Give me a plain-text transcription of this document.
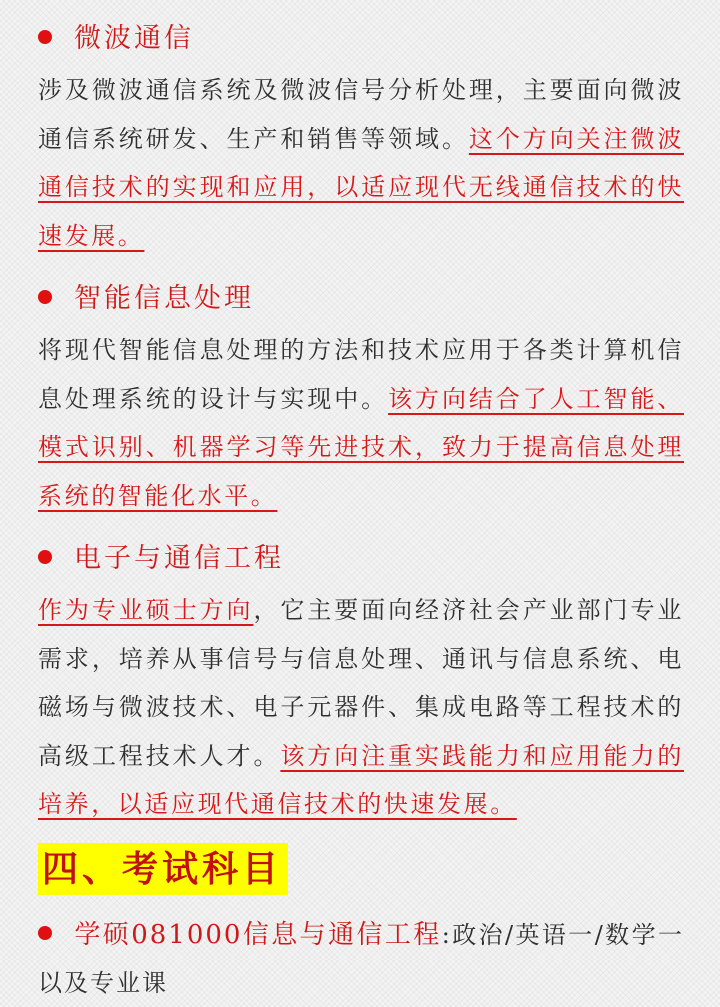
微波通信

涉及微波通信系统及微波信号分析处理，主要面向微波通信系统研发、生产和销售等领域。这个方向关注微波通信技术的实现和应用，以适应现代无线通信技术的快速发展。

智能信息处理

将现代智能信息处理的方法和技术应用于各类计算机信息处理系统的设计与实现中。该方向结合了人工智能、模式识别、机器学习等先进技术，致力于提高信息处理系统的智能化水平。

电子与通信工程

作为专业硕士方向，它主要面向经济社会产业部门专业需求，培养从事信号与信息处理、通讯与信息系统、电磁场与微波技术、电子元器件、集成电路等工程技术的高级工程技术人才。该方向注重实践能力和应用能力的培养，以适应现代通信技术的快速发展。

四、考试科目

学硕081000信息与通信工程:政治/英语一/数学一以及专业课
